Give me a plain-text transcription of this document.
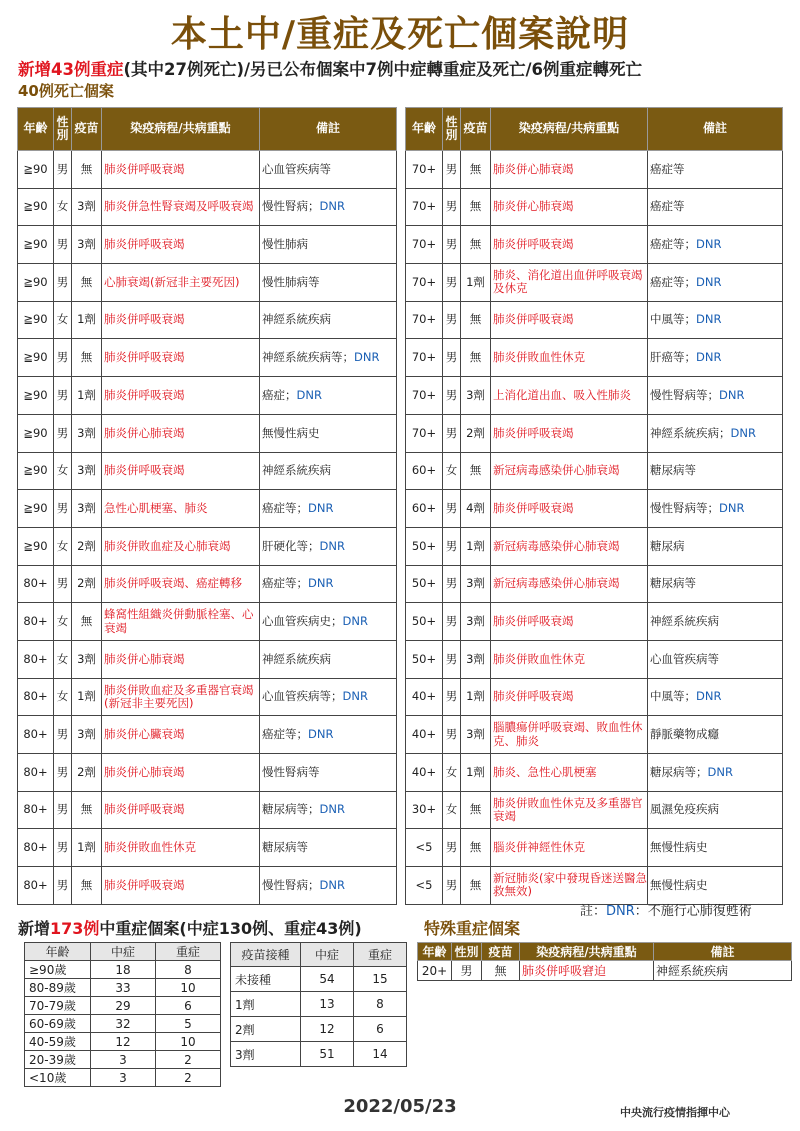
本土中/重症及死亡個案說明
新增43例重症(其中27例死亡)/另已公布個案中7例中症轉重症及死亡/6例重症轉死亡
40例死亡個案
年齡	性別	疫苗	染疫病程/共病重點	備註
≧90	男	無	肺炎併呼吸衰竭	心血管疾病等
≧90	女	3劑	肺炎併急性腎衰竭及呼吸衰竭	慢性腎病；DNR
≧90	男	3劑	肺炎併呼吸衰竭	慢性肺病
≧90	男	無	心肺衰竭(新冠非主要死因)	慢性肺病等
≧90	女	1劑	肺炎併呼吸衰竭	神經系統疾病
≧90	男	無	肺炎併呼吸衰竭	神經系統疾病等；DNR
≧90	男	1劑	肺炎併呼吸衰竭	癌症；DNR
≧90	男	3劑	肺炎併心肺衰竭	無慢性病史
≧90	女	3劑	肺炎併呼吸衰竭	神經系統疾病
≧90	男	3劑	急性心肌梗塞、肺炎	癌症等；DNR
≧90	女	2劑	肺炎併敗血症及心肺衰竭	肝硬化等；DNR
80+	男	2劑	肺炎併呼吸衰竭、癌症轉移	癌症等；DNR
80+	女	無	蜂窩性組織炎併動脈栓塞、心衰竭	心血管疾病史；DNR
80+	女	3劑	肺炎併心肺衰竭	神經系統疾病
80+	女	1劑	肺炎併敗血症及多重器官衰竭(新冠非主要死因)	心血管疾病等；DNR
80+	男	3劑	肺炎併心臟衰竭	癌症等；DNR
80+	男	2劑	肺炎併心肺衰竭	慢性腎病等
80+	男	無	肺炎併呼吸衰竭	糖尿病等；DNR
80+	男	1劑	肺炎併敗血性休克	糖尿病等
80+	男	無	肺炎併呼吸衰竭	慢性腎病；DNR
年齡	性別	疫苗	染疫病程/共病重點	備註
70+	男	無	肺炎併心肺衰竭	癌症等
70+	男	無	肺炎併心肺衰竭	癌症等
70+	男	無	肺炎併呼吸衰竭	癌症等；DNR
70+	男	1劑	肺炎、消化道出血併呼吸衰竭及休克	癌症等；DNR
70+	男	無	肺炎併呼吸衰竭	中風等；DNR
70+	男	無	肺炎併敗血性休克	肝癌等；DNR
70+	男	3劑	上消化道出血、吸入性肺炎	慢性腎病等；DNR
70+	男	2劑	肺炎併呼吸衰竭	神經系統疾病；DNR
60+	女	無	新冠病毒感染併心肺衰竭	糖尿病等
60+	男	4劑	肺炎併呼吸衰竭	慢性腎病等；DNR
50+	男	1劑	新冠病毒感染併心肺衰竭	糖尿病
50+	男	3劑	新冠病毒感染併心肺衰竭	糖尿病等
50+	男	3劑	肺炎併呼吸衰竭	神經系統疾病
50+	男	3劑	肺炎併敗血性休克	心血管疾病等
40+	男	1劑	肺炎併呼吸衰竭	中風等；DNR
40+	男	3劑	腦膿瘍併呼吸衰竭、敗血性休克、肺炎	靜脈藥物成癮
40+	女	1劑	肺炎、急性心肌梗塞	糖尿病等；DNR
30+	女	無	肺炎併敗血性休克及多重器官衰竭	風濕免疫疾病
<5	男	無	腦炎併神經性休克	無慢性病史
<5	男	無	新冠肺炎(家中發現昏迷送醫急救無效)	無慢性病史
註：DNR：不施行心肺復甦術
新增173例中重症個案(中症130例、重症43例)	特殊重症個案
年齡	中症	重症
≥90歲	18	8
80-89歲	33	10
70-79歲	29	6
60-69歲	32	5
40-59歲	12	10
20-39歲	3	2
<10歲	3	2
疫苗接種	中症	重症
未接種	54	15
1劑	13	8
2劑	12	6
3劑	51	14
年齡	性別	疫苗	染疫病程/共病重點	備註
20+	男	無	肺炎併呼吸窘迫	神經系統疾病
2022/05/23	中央流行疫情指揮中心
